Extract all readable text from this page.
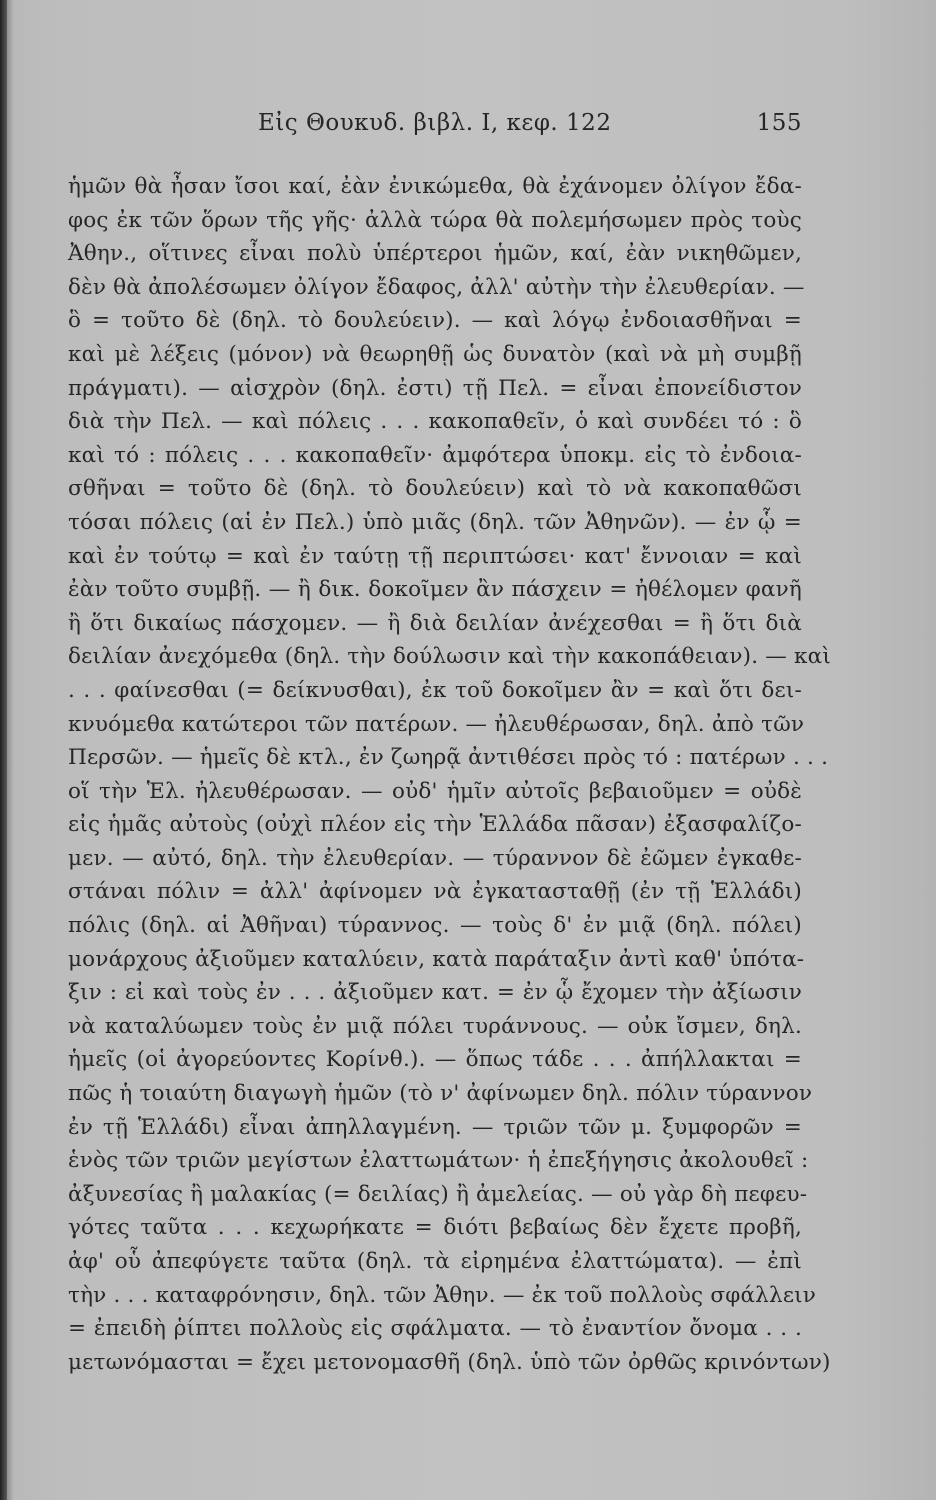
Εἰς Θουκυδ. βιβλ. I, κεφ. 122	155
ἡμῶν θὰ ἦσαν ἴσοι καί, ἐὰν ἐνικώμεθα, θὰ ἐχάνομεν ὀλίγον ἔδα-
φος ἐκ τῶν ὅρων τῆς γῆς· ἀλλὰ τώρα θὰ πολεμήσωμεν πρὸς τοὺς
Ἀθην., οἵτινες εἶναι πολὺ ὑπέρτεροι ἡμῶν, καί, ἐὰν νικηθῶμεν,
δὲν θὰ ἀπολέσωμεν ὀλίγον ἔδαφος, ἀλλ' αὐτὴν τὴν ἐλευθερίαν. —
ὃ = τοῦτο δὲ (δηλ. τὸ δουλεύειν). — καὶ λόγῳ ἐνδοιασθῆναι =
καὶ μὲ λέξεις (μόνον) νὰ θεωρηθῇ ὡς δυνατὸν (καὶ νὰ μὴ συμβῇ
πράγματι). — αἰσχρὸν (δηλ. ἐστι) τῇ Πελ. = εἶναι ἐπονείδιστον
διὰ τὴν Πελ. — καὶ πόλεις . . . κακοπαθεῖν, ὁ καὶ συνδέει τό : ὃ
καὶ τό : πόλεις . . . κακοπαθεῖν· ἀμφότερα ὑποκμ. εἰς τὸ ἐνδοια-
σθῆναι = τοῦτο δὲ (δηλ. τὸ δουλεύειν) καὶ τὸ νὰ κακοπαθῶσι
τόσαι πόλεις (αἱ ἐν Πελ.) ὑπὸ μιᾶς (δηλ. τῶν Ἀθηνῶν). — ἐν ᾧ =
καὶ ἐν τούτῳ = καὶ ἐν ταύτῃ τῇ περιπτώσει· κατ' ἔννοιαν = καὶ
ἐὰν τοῦτο συμβῇ. — ἢ δικ. δοκοῖμεν ἂν πάσχειν = ἠθέλομεν φανῆ
ἢ ὅτι δικαίως πάσχομεν. — ἢ διὰ δειλίαν ἀνέχεσθαι = ἢ ὅτι διὰ
δειλίαν ἀνεχόμεθα (δηλ. τὴν δούλωσιν καὶ τὴν κακοπάθειαν). — καὶ
. . . φαίνεσθαι (= δείκνυσθαι), ἐκ τοῦ δοκοῖμεν ἂν = καὶ ὅτι δει-
κνυόμεθα κατώτεροι τῶν πατέρων. — ἠλευθέρωσαν, δηλ. ἀπὸ τῶν
Περσῶν. — ἡμεῖς δὲ κτλ., ἐν ζωηρᾷ ἀντιθέσει πρὸς τό : πατέρων . . .
οἵ τὴν Ἑλ. ἠλευθέρωσαν. — οὐδ' ἡμῖν αὐτοῖς βεβαιοῦμεν = οὐδὲ
εἰς ἡμᾶς αὐτοὺς (οὐχὶ πλέον εἰς τὴν Ἑλλάδα πᾶσαν) ἐξασφαλίζο-
μεν. — αὐτό, δηλ. τὴν ἐλευθερίαν. — τύραννον δὲ ἐῶμεν ἐγκαθε-
στάναι πόλιν = ἀλλ' ἀφίνομεν νὰ ἐγκατασταθῇ (ἐν τῇ Ἑλλάδι)
πόλις (δηλ. αἱ Ἀθῆναι) τύραννος. — τοὺς δ' ἐν μιᾷ (δηλ. πόλει)
μονάρχους ἀξιοῦμεν καταλύειν, κατὰ παράταξιν ἀντὶ καθ' ὑπότα-
ξιν : εἰ καὶ τοὺς ἐν . . . ἀξιοῦμεν κατ. = ἐν ᾧ ἔχομεν τὴν ἀξίωσιν
νὰ καταλύωμεν τοὺς ἐν μιᾷ πόλει τυράννους. — οὐκ ἴσμεν, δηλ.
ἡμεῖς (οἱ ἀγορεύοντες Κορίνθ.). — ὅπως τάδε . . . ἀπήλλακται =
πῶς ἡ τοιαύτη διαγωγὴ ἡμῶν (τὸ ν' ἀφίνωμεν δηλ. πόλιν τύραννον
ἐν τῇ Ἑλλάδι) εἶναι ἀπηλλαγμένη. — τριῶν τῶν μ. ξυμφορῶν =
ἑνὸς τῶν τριῶν μεγίστων ἐλαττωμάτων· ἡ ἐπεξήγησις ἀκολουθεῖ :
ἀξυνεσίας ἢ μαλακίας (= δειλίας) ἢ ἀμελείας. — οὐ γὰρ δὴ πεφευ-
γότες ταῦτα . . . κεχωρήκατε = διότι βεβαίως δὲν ἔχετε προβῆ,
ἀφ' οὗ ἀπεφύγετε ταῦτα (δηλ. τὰ εἰρημένα ἐλαττώματα). — ἐπὶ
τὴν . . . καταφρόνησιν, δηλ. τῶν Ἀθην. — ἐκ τοῦ πολλοὺς σφάλλειν
= ἐπειδὴ ῥίπτει πολλοὺς εἰς σφάλματα. — τὸ ἐναντίον ὄνομα . . .
μετωνόμασται = ἔχει μετονομασθῆ (δηλ. ὑπὸ τῶν ὀρθῶς κρινόντων)
